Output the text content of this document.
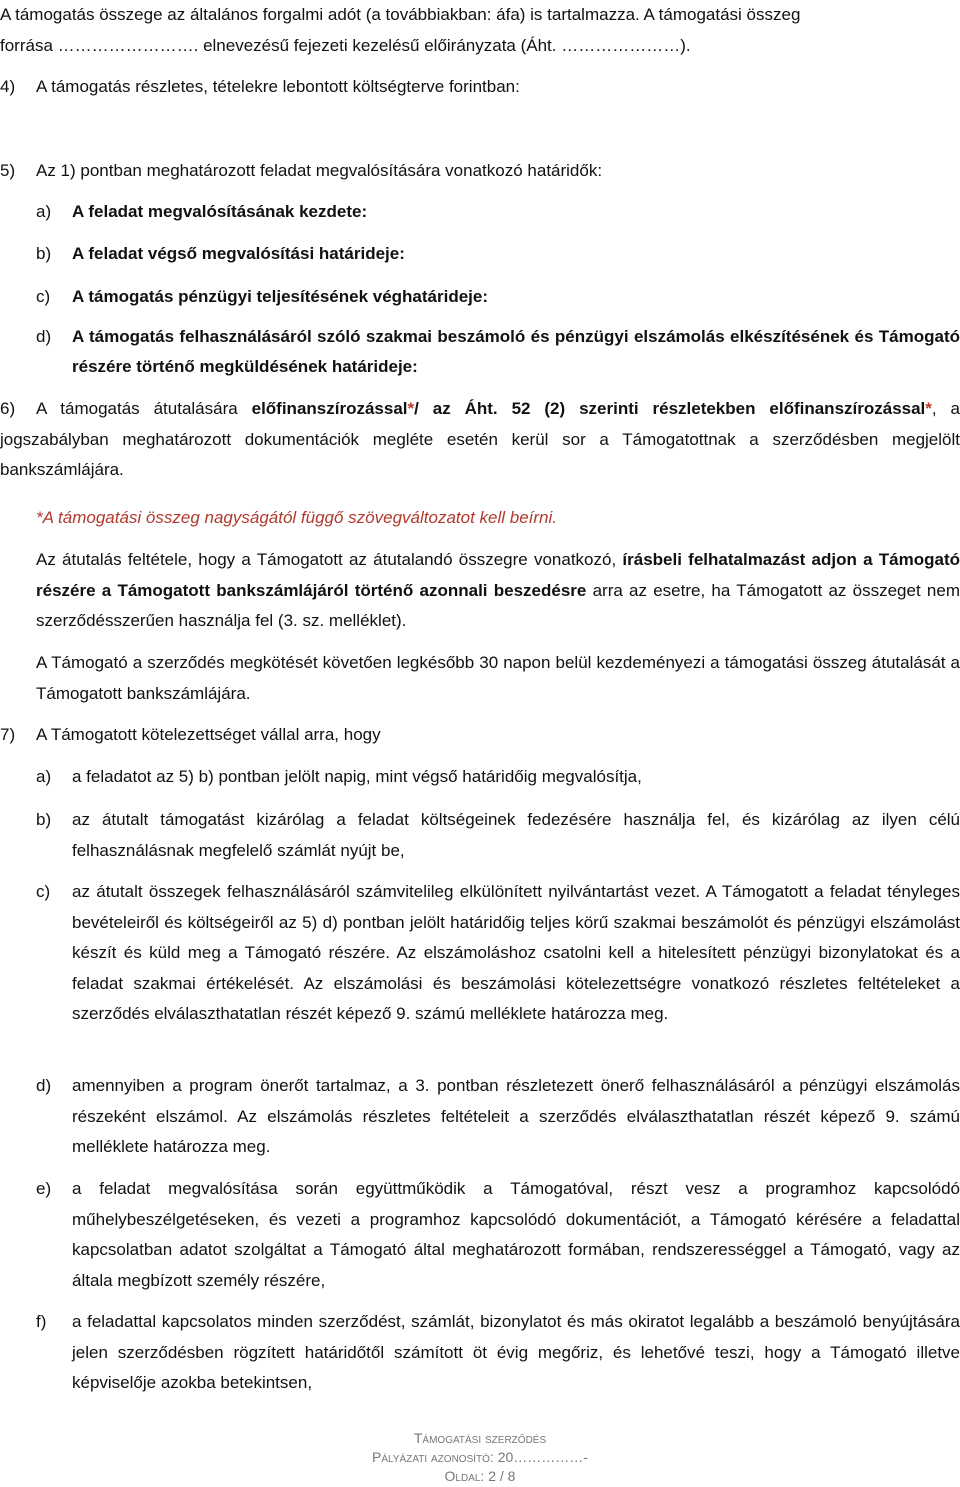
A támogatás összege az általános forgalmi adót (a továbbiakban: áfa) is tartalmazza. A támogatási összeg
forrása ……………………. elnevezésű fejezeti kezelésű előirányzata (Áht. …………………).
4) A támogatás részletes, tételekre lebontott költségterve forintban:
5) Az 1) pontban meghatározott feladat megvalósítására vonatkozó határidők:
a)	A feladat megvalósításának kezdete:
b)	A feladat végső megvalósítási határideje:
c)	A támogatás pénzügyi teljesítésének véghatárideje:
d)	A támogatás felhasználásáról szóló szakmai beszámoló és pénzügyi elszámolás elkészítésének és Támogató részére történő megküldésének határideje:
6)	A támogatás átutalására előfinanszírozással*/ az Áht. 52 (2) szerinti részletekben előfinanszírozással*, a jogszabályban meghatározott dokumentációk megléte esetén kerül sor a Támogatottnak a szerződésben megjelölt bankszámlájára.
*A támogatási összeg nagyságától függő szövegváltozatot kell beírni.
Az átutalás feltétele, hogy a Támogatott az átutalandó összegre vonatkozó, írásbeli felhatalmazást adjon a Támogató részére a Támogatott bankszámlájáról történő azonnali beszedésre arra az esetre, ha Támogatott az összeget nem szerződésszerűen használja fel (3. sz. melléklet).
A Támogató a szerződés megkötését követően legkésőbb 30 napon belül kezdeményezi a támogatási összeg átutalását a Támogatott bankszámlájára.
7) A Támogatott kötelezettséget vállal arra, hogy
a)	a feladatot az 5) b) pontban jelölt napig, mint végső határidőig megvalósítja,
b)	az átutalt támogatást kizárólag a feladat költségeinek fedezésére használja fel, és kizárólag az ilyen célú felhasználásnak megfelelő számlát nyújt be,
c)	az átutalt összegek felhasználásáról számvitelileg elkülönített nyilvántartást vezet. A Támogatott a feladat tényleges bevételeiről és költségeiről az 5) d) pontban jelölt határidőig teljes körű szakmai beszámolót és pénzügyi elszámolást készít és küld meg a Támogató részére. Az elszámoláshoz csatolni kell a hitelesített pénzügyi bizonylatokat és a feladat szakmai értékelését. Az elszámolási és beszámolási kötelezettségre vonatkozó részletes feltételeket a szerződés elválaszthatatlan részét képező 9. számú melléklete határozza meg.
d)	amennyiben a program önerőt tartalmaz, a 3. pontban részletezett önerő felhasználásáról a pénzügyi elszámolás részeként elszámol. Az elszámolás részletes feltételeit a szerződés elválaszthatatlan részét képező 9. számú melléklete határozza meg.
e)	a feladat megvalósítása során együttműködik a Támogatóval, részt vesz a programhoz kapcsolódó műhelybeszélgetéseken, és vezeti a programhoz kapcsolódó dokumentációt, a Támogató kérésére a feladattal kapcsolatban adatot szolgáltat a Támogató által meghatározott formában, rendszerességgel a Támogató, vagy az általa megbízott személy részére,
f)	a feladattal kapcsolatos minden szerződést, számlát, bizonylatot és más okiratot legalább a beszámoló benyújtására jelen szerződésben rögzített határidőtől számított öt évig megőriz, és lehetővé teszi, hogy a Támogató illetve képviselője azokba betekintsen,
Támogatási szerződés
Pályázati azonosító: 20……………-
Oldal: 2 / 8
